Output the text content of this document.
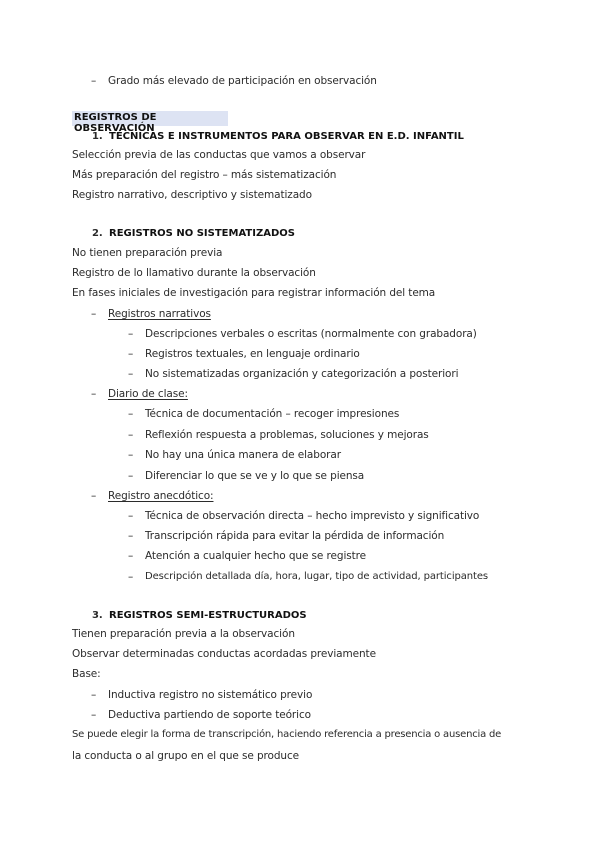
– Grado más elevado de participación en observación
REGISTROS DE OBSERVACIÓN
1. TÉCNICAS E INSTRUMENTOS PARA OBSERVAR EN E.D. INFANTIL
Selección previa de las conductas que vamos a observar
Más preparación del registro – más sistematización
Registro narrativo, descriptivo y sistematizado
2. REGISTROS NO SISTEMATIZADOS
No tienen preparación previa
Registro de lo llamativo durante la observación
En fases iniciales de investigación para registrar información del tema
– Registros narrativos
– Descripciones verbales o escritas (normalmente con grabadora)
– Registros textuales, en lenguaje ordinario
– No sistematizadas organización y categorización a posteriori
– Diario de clase:
– Técnica de documentación – recoger impresiones
– Reflexión respuesta a problemas, soluciones y mejoras
– No hay una única manera de elaborar
– Diferenciar lo que se ve y lo que se piensa
– Registro anecdótico:
– Técnica de observación directa – hecho imprevisto y significativo
– Transcripción rápida para evitar la pérdida de información
– Atención a cualquier hecho que se registre
– Descripción detallada día, hora, lugar, tipo de actividad, participantes
3. REGISTROS SEMI-ESTRUCTURADOS
Tienen preparación previa a la observación
Observar determinadas conductas acordadas previamente
Base:
– Inductiva registro no sistemático previo
– Deductiva partiendo de soporte teórico
Se puede elegir la forma de transcripción, haciendo referencia a presencia o ausencia de
la conducta o al grupo en el que se produce
